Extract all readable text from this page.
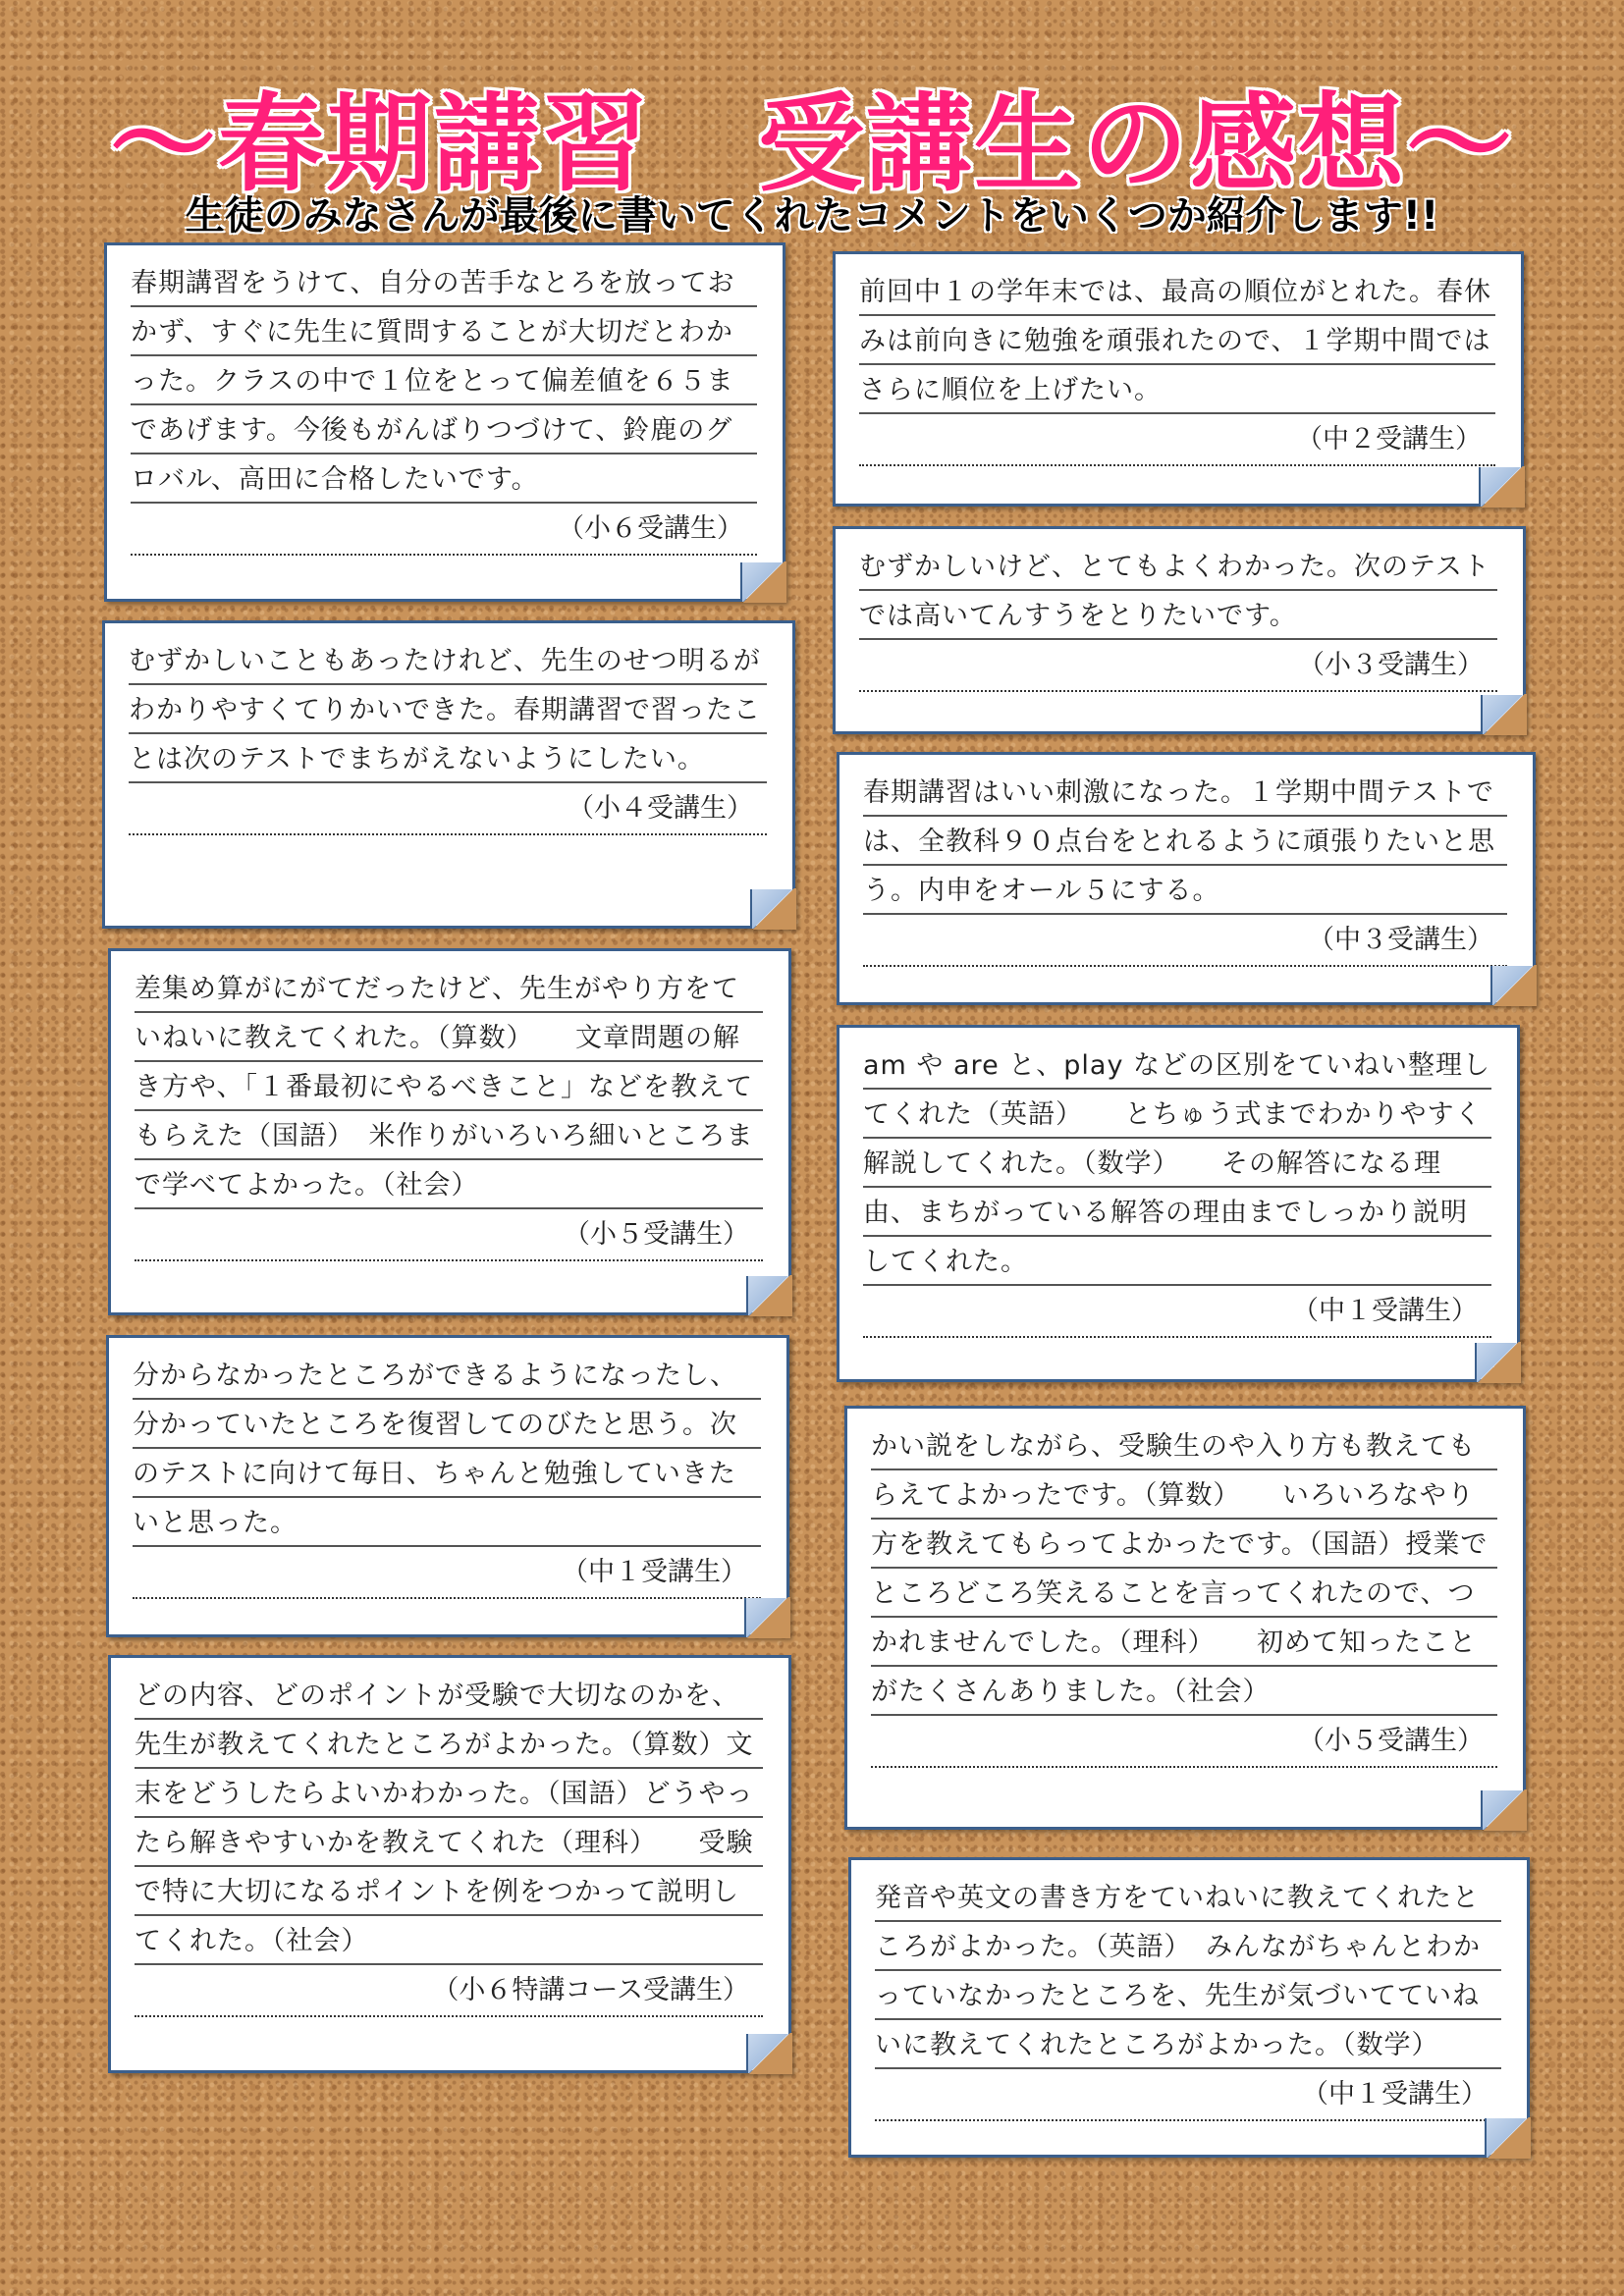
〜春期講習　受講生の感想〜
生徒のみなさんが最後に書いてくれたコメントをいくつか紹介します!!
春期講習をうけて、自分の苦手なとろを放っておかず、すぐに先生に質問することが大切だとわかった。クラスの中で１位をとって偏差値を６５まであげます。今後もがんばりつづけて、鈴鹿のグロバル、高田に合格したいです。
（小６受講生）
むずかしいこともあったけれど、先生のせつ明るがわかりやすくてりかいできた。春期講習で習ったことは次のテストでまちがえないようにしたい。
（小４受講生）
差集め算がにがてだったけど、先生がやり方をていねいに教えてくれた。（算数）　　文章問題の解き方や、「１番最初にやるべきこと」などを教えてもらえた（国語）　米作りがいろいろ細いところまで学べてよかった。（社会）
（小５受講生）
分からなかったところができるようになったし、分かっていたところを復習してのびたと思う。次のテストに向けて毎日、ちゃんと勉強していきたいと思った。
（中１受講生）
どの内容、どのポイントが受験で大切なのかを、先生が教えてくれたところがよかった。（算数）文末をどうしたらよいかわかった。（国語）どうやったら解きやすいかを教えてくれた（理科）　　受験で特に大切になるポイントを例をつかって説明してくれた。（社会）
（小６特講コース受講生）
前回中１の学年末では、最高の順位がとれた。春休みは前向きに勉強を頑張れたので、１学期中間ではさらに順位を上げたい。
（中２受講生）
むずかしいけど、とてもよくわかった。次のテストでは高いてんすうをとりたいです。
（小３受講生）
春期講習はいい刺激になった。１学期中間テストでは、全教科９０点台をとれるように頑張りたいと思う。内申をオール５にする。
（中３受講生）
am や are と、play などの区別をていねい整理してくれた（英語）　　とちゅう式までわかりやすく解説してくれた。（数学）　　その解答になる理由、まちがっている解答の理由までしっかり説明してくれた。
（中１受講生）
かい説をしながら、受験生のや入り方も教えてもらえてよかったです。（算数）　　いろいろなやり方を教えてもらってよかったです。（国語）授業でところどころ笑えることを言ってくれたので、つかれませんでした。（理科）　　初めて知ったことがたくさんありました。（社会）
（小５受講生）
発音や英文の書き方をていねいに教えてくれたところがよかった。（英語）　みんながちゃんとわかっていなかったところを、先生が気づいてていねいに教えてくれたところがよかった。（数学）
（中１受講生）
